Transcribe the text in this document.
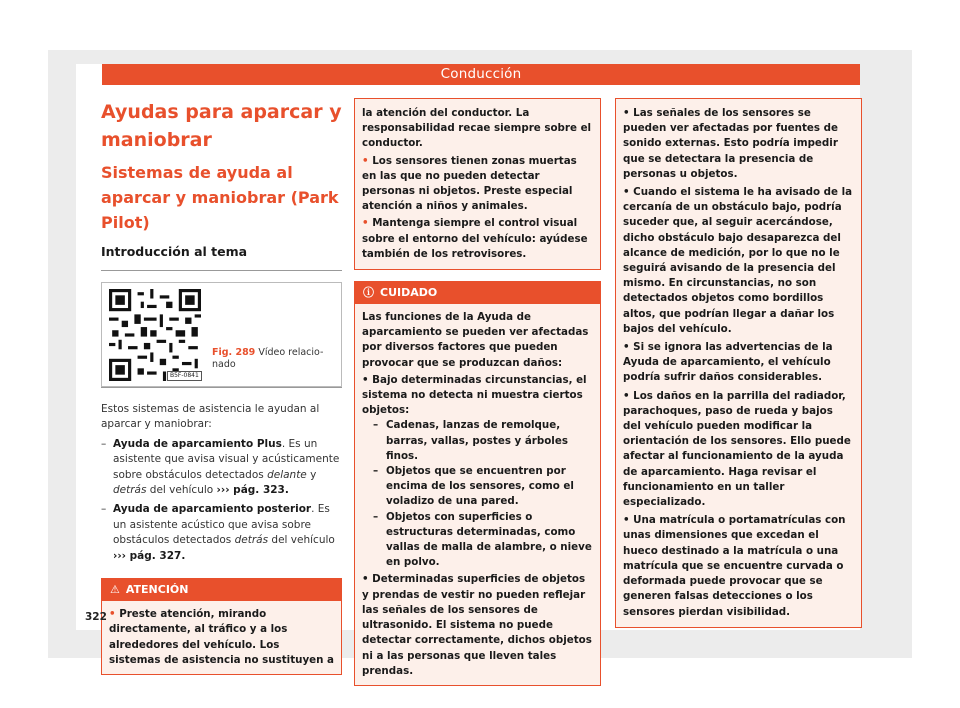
Conducción
Ayudas para aparcar y maniobrar
Sistemas de ayuda al aparcar y maniobrar (Park Pilot)
Introducción al tema
B5F-0841
Fig. 289 Vídeo relacio- nado
Estos sistemas de asistencia le ayudan al aparcar y maniobrar:
– Ayuda de aparcamiento Plus. Es un asistente que avisa visual y acústicamente sobre obstáculos detectados delante y detrás del vehículo ››› pág. 323.
– Ayuda de aparcamiento posterior. Es un asistente acústico que avisa sobre obstáculos detectados detrás del vehículo ››› pág. 327.
⚠ ATENCIÓN
• Preste atención, mirando directamente, al tráfico y a los alrededores del vehículo. Los sistemas de asistencia no sustituyen a
la atención del conductor. La responsabilidad recae siempre sobre el conductor.
• Los sensores tienen zonas muertas en las que no pueden detectar personas ni objetos. Preste especial atención a niños y animales.
• Mantenga siempre el control visual sobre el entorno del vehículo: ayúdese también de los retrovisores.
ⓘ CUIDADO
Las funciones de la Ayuda de aparcamiento se pueden ver afectadas por diversos factores que pueden provocar que se produzcan daños:
• Bajo determinadas circunstancias, el sistema no detecta ni muestra ciertos objetos:
– Cadenas, lanzas de remolque, barras, vallas, postes y árboles finos.
– Objetos que se encuentren por encima de los sensores, como el voladizo de una pared.
– Objetos con superficies o estructuras determinadas, como vallas de malla de alambre, o nieve en polvo.
• Determinadas superficies de objetos y prendas de vestir no pueden reflejar las señales de los sensores de ultrasonido. El sistema no puede detectar correctamente, dichos objetos ni a las personas que lleven tales prendas.
• Las señales de los sensores se pueden ver afectadas por fuentes de sonido externas. Esto podría impedir que se detectara la presencia de personas u objetos.
• Cuando el sistema le ha avisado de la cercanía de un obstáculo bajo, podría suceder que, al seguir acercándose, dicho obstáculo bajo desaparezca del alcance de medición, por lo que no le seguirá avisando de la presencia del mismo. En circunstancias, no son detectados objetos como bordillos altos, que podrían llegar a dañar los bajos del vehículo.
• Si se ignora las advertencias de la Ayuda de aparcamiento, el vehículo podría sufrir daños considerables.
• Los daños en la parrilla del radiador, parachoques, paso de rueda y bajos del vehículo pueden modificar la orientación de los sensores. Ello puede afectar al funcionamiento de la ayuda de aparcamiento. Haga revisar el funcionamiento en un taller especializado.
• Una matrícula o portamatrículas con unas dimensiones que excedan el hueco destinado a la matrícula o una matrícula que se encuentre curvada o deformada puede provocar que se generen falsas detecciones o los sensores pierdan visibilidad.
322
